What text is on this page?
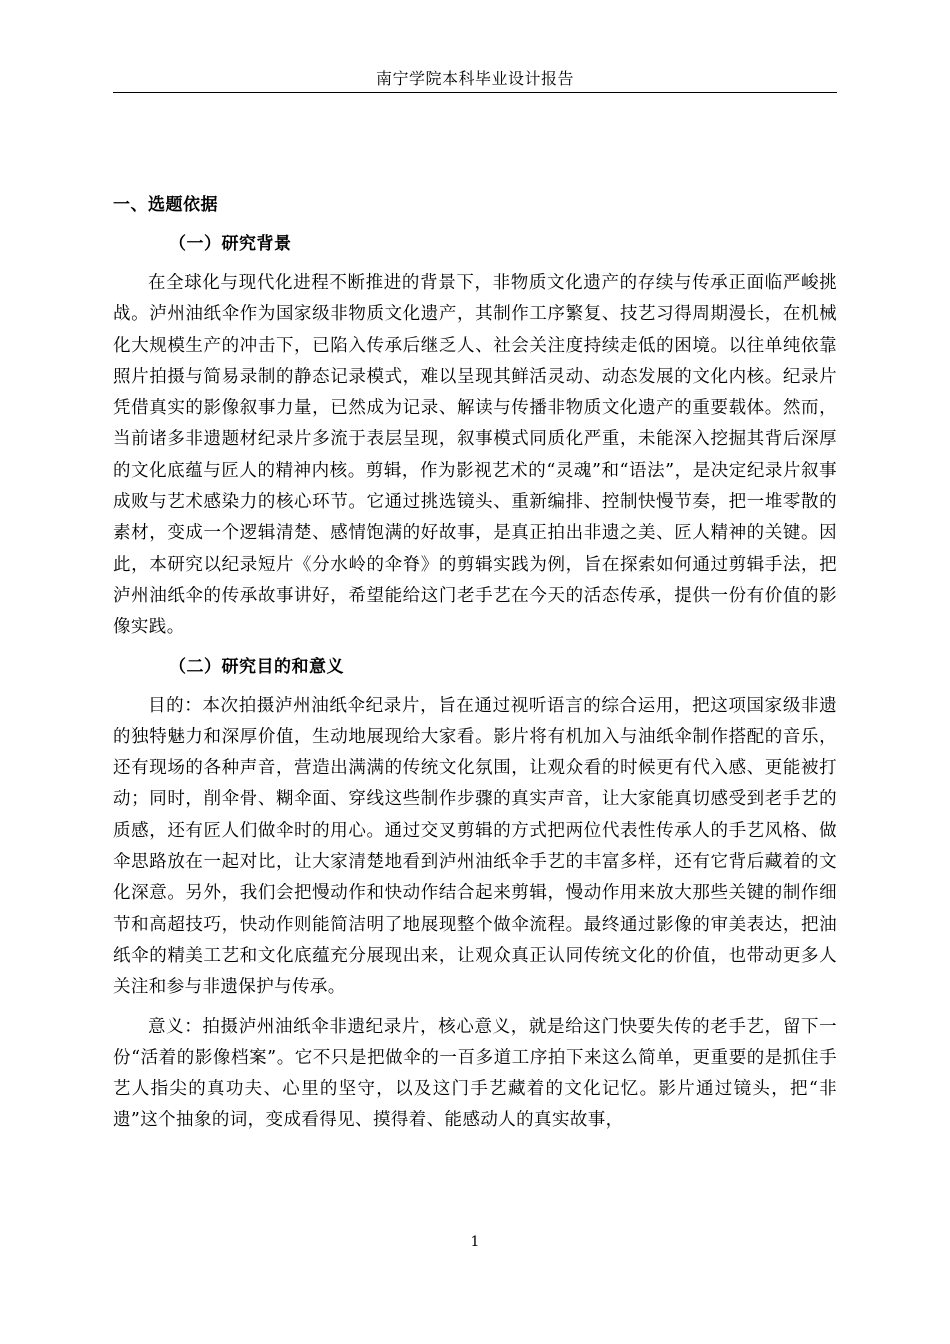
南宁学院本科毕业设计报告
一、选题依据
（一）研究背景

在全球化与现代化进程不断推进的背景下，非物质文化遗产的存续与传承正面临严峻挑战。泸州油纸伞作为国家级非物质文化遗产，其制作工序繁复、技艺习得周期漫长，在机械化大规模生产的冲击下，已陷入传承后继乏人、社会关注度持续走低的困境。以往单纯依靠照片拍摄与简易录制的静态记录模式，难以呈现其鲜活灵动、动态发展的文化内核。纪录片凭借真实的影像叙事力量，已然成为记录、解读与传播非物质文化遗产的重要载体。然而，当前诸多非遗题材纪录片多流于表层呈现，叙事模式同质化严重，未能深入挖掘其背后深厚的文化底蕴与匠人的精神内核。剪辑，作为影视艺术的“灵魂”和“语法”，是决定纪录片叙事成败与艺术感染力的核心环节。它通过挑选镜头、重新编排、控制快慢节奏，把一堆零散的素材，变成一个逻辑清楚、感情饱满的好故事，是真正拍出非遗之美、匠人精神的关键。因此，本研究以纪录短片《分水岭的伞脊》的剪辑实践为例，旨在探索如何通过剪辑手法，把泸州油纸伞的传承故事讲好，希望能给这门老手艺在今天的活态传承，提供一份有价值的影像实践。

（二）研究目的和意义

目的：本次拍摄泸州油纸伞纪录片，旨在通过视听语言的综合运用，把这项国家级非遗的独特魅力和深厚价值，生动地展现给大家看。影片将有机加入与油纸伞制作搭配的音乐，还有现场的各种声音，营造出满满的传统文化氛围，让观众看的时候更有代入感、更能被打动；同时，削伞骨、糊伞面、穿线这些制作步骤的真实声音，让大家能真切感受到老手艺的质感，还有匠人们做伞时的用心。通过交叉剪辑的方式把两位代表性传承人的手艺风格、做伞思路放在一起对比，让大家清楚地看到泸州油纸伞手艺的丰富多样，还有它背后藏着的文化深意。另外，我们会把慢动作和快动作结合起来剪辑，慢动作用来放大那些关键的制作细节和高超技巧，快动作则能简洁明了地展现整个做伞流程。最终通过影像的审美表达，把油纸伞的精美工艺和文化底蕴充分展现出来，让观众真正认同传统文化的价值，也带动更多人关注和参与非遗保护与传承。

意义：拍摄泸州油纸伞非遗纪录片，核心意义，就是给这门快要失传的老手艺，留下一份“活着的影像档案”。它不只是把做伞的一百多道工序拍下来这么简单，更重要的是抓住手艺人指尖的真功夫、心里的坚守，以及这门手艺藏着的文化记忆。影片通过镜头，把“非遗”这个抽象的词，变成看得见、摸得着、能感动人的真实故事，

1
